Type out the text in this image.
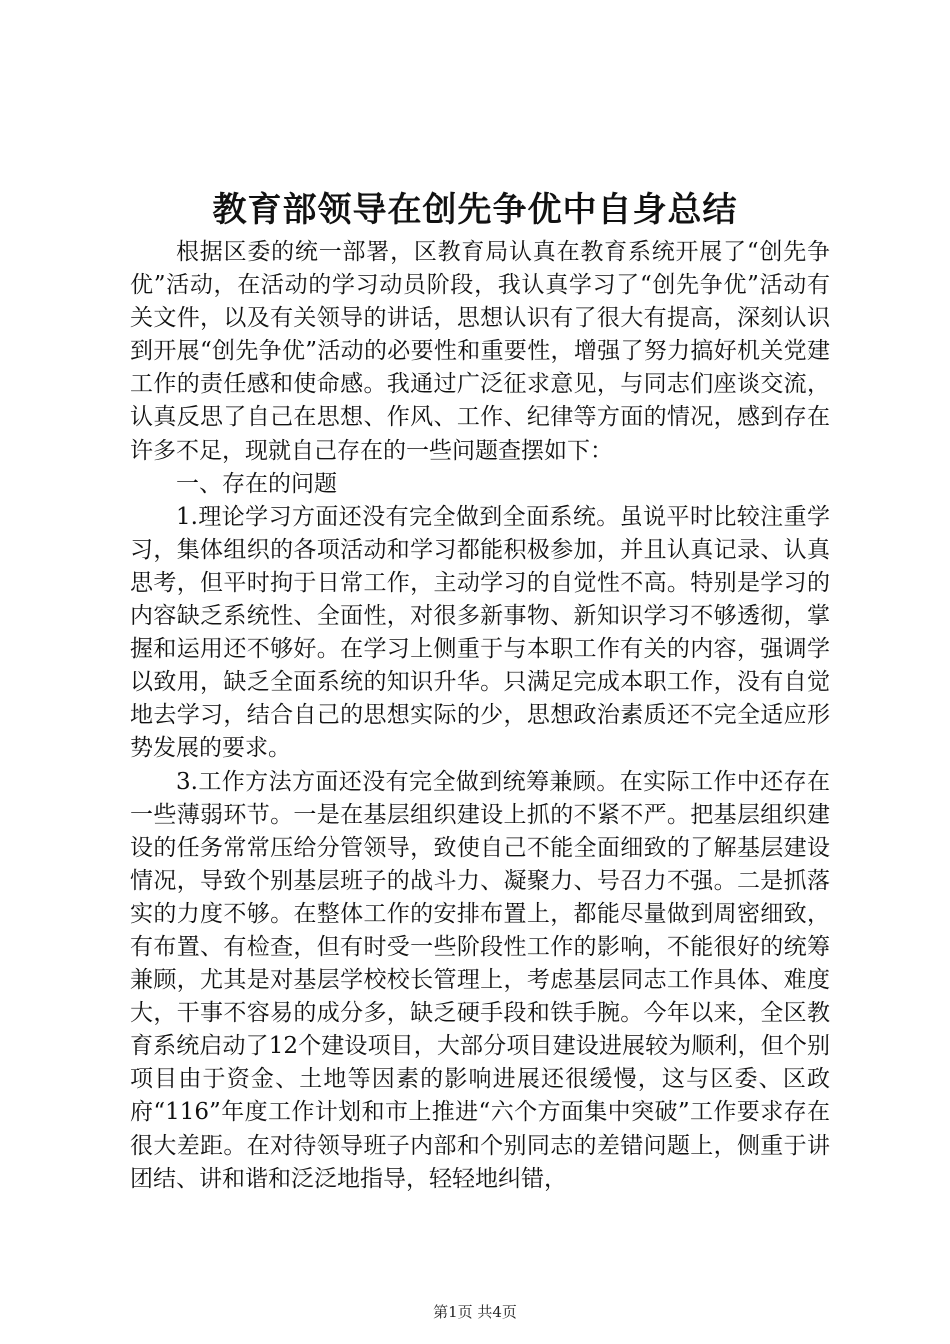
教育部领导在创先争优中自身总结

根据区委的统一部署，区教育局认真在教育系统开展了“创先争优”活动，在活动的学习动员阶段，我认真学习了“创先争优”活动有关文件，以及有关领导的讲话，思想认识有了很大有提高，深刻认识到开展“创先争优”活动的必要性和重要性，增强了努力搞好机关党建工作的责任感和使命感。我通过广泛征求意见，与同志们座谈交流，认真反思了自己在思想、作风、工作、纪律等方面的情况，感到存在许多不足，现就自己存在的一些问题查摆如下：

一、存在的问题

1.理论学习方面还没有完全做到全面系统。虽说平时比较注重学习，集体组织的各项活动和学习都能积极参加，并且认真记录、认真思考，但平时拘于日常工作，主动学习的自觉性不高。特别是学习的内容缺乏系统性、全面性，对很多新事物、新知识学习不够透彻，掌握和运用还不够好。在学习上侧重于与本职工作有关的内容，强调学以致用，缺乏全面系统的知识升华。只满足完成本职工作，没有自觉地去学习，结合自己的思想实际的少，思想政治素质还不完全适应形势发展的要求。

3.工作方法方面还没有完全做到统筹兼顾。在实际工作中还存在一些薄弱环节。一是在基层组织建设上抓的不紧不严。把基层组织建设的任务常常压给分管领导，致使自己不能全面细致的了解基层建设情况，导致个别基层班子的战斗力、凝聚力、号召力不强。二是抓落实的力度不够。在整体工作的安排布置上，都能尽量做到周密细致，有布置、有检查，但有时受一些阶段性工作的影响，不能很好的统筹兼顾，尤其是对基层学校校长管理上，考虑基层同志工作具体、难度大，干事不容易的成分多，缺乏硬手段和铁手腕。今年以来，全区教育系统启动了12个建设项目，大部分项目建设进展较为顺利，但个别项目由于资金、土地等因素的影响进展还很缓慢，这与区委、区政府“116”年度工作计划和市上推进“六个方面集中突破”工作要求存在很大差距。在对待领导班子内部和个别同志的差错问题上，侧重于讲团结、讲和谐和泛泛地指导，轻轻地纠错，

第1页 共4页
